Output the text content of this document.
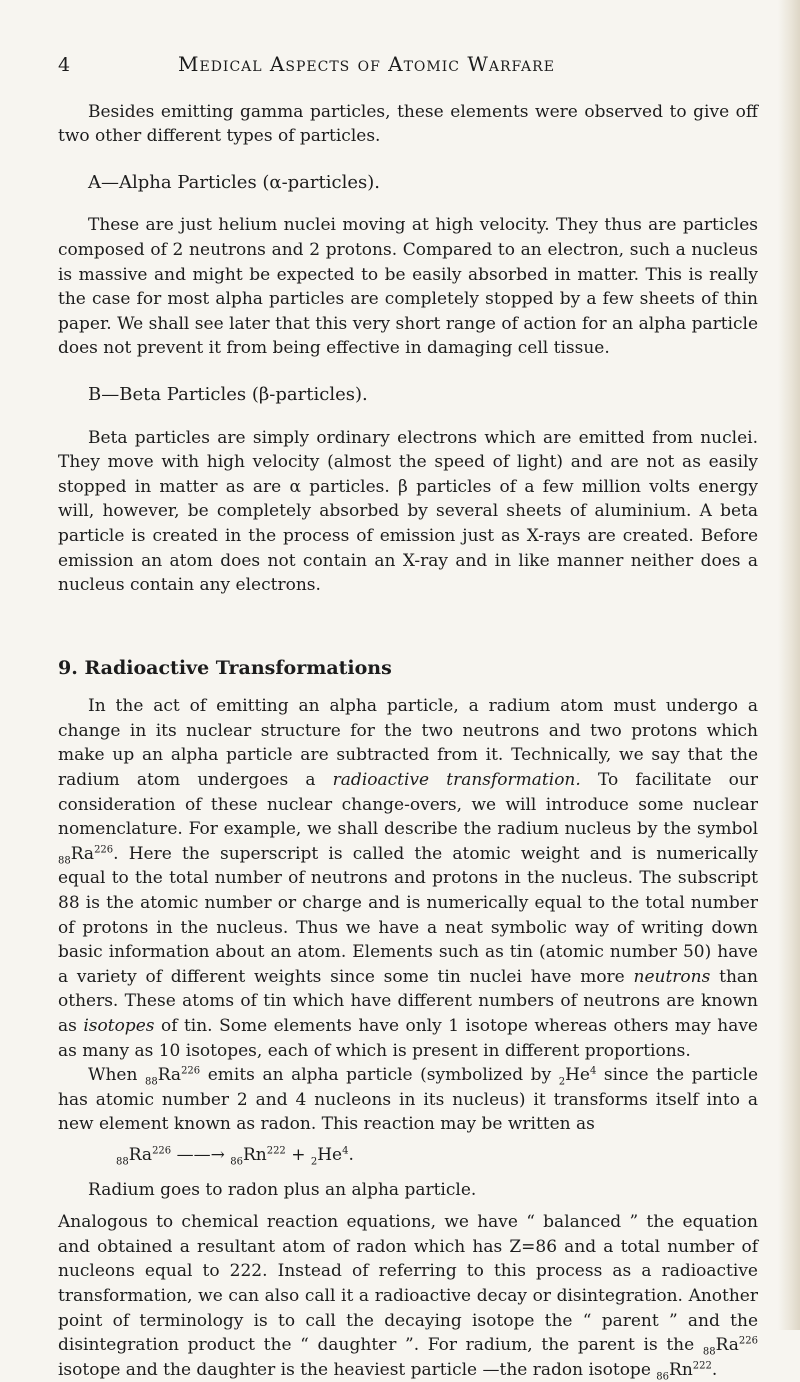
4	Medical Aspects of Atomic Warfare

Besides emitting gamma particles, these elements were observed to give off two other different types of particles.

A—Alpha Particles (α-particles).

These are just helium nuclei moving at high velocity. They thus are particles composed of 2 neutrons and 2 protons. Compared to an electron, such a nucleus is massive and might be expected to be easily absorbed in matter. This is really the case for most alpha particles are completely stopped by a few sheets of thin paper. We shall see later that this very short range of action for an alpha particle does not prevent it from being effective in damaging cell tissue.

B—Beta Particles (β-particles).

Beta particles are simply ordinary electrons which are emitted from nuclei. They move with high velocity (almost the speed of light) and are not as easily stopped in matter as are α particles. β particles of a few million volts energy will, however, be completely absorbed by several sheets of aluminium. A beta particle is created in the process of emission just as X-rays are created. Before emission an atom does not contain an X-ray and in like manner neither does a nucleus contain any electrons.

9. Radioactive Transformations

In the act of emitting an alpha particle, a radium atom must undergo a change in its nuclear structure for the two neutrons and two protons which make up an alpha particle are subtracted from it. Technically, we say that the radium atom undergoes a radioactive transformation. To facilitate our consideration of these nuclear change-overs, we will introduce some nuclear nomenclature. For example, we shall describe the radium nucleus by the symbol $_{88}Ra^{226}$. Here the superscript is called the atomic weight and is numerically equal to the total number of neutrons and protons in the nucleus. The subscript 88 is the atomic number or charge and is numerically equal to the total number of protons in the nucleus. Thus we have a neat symbolic way of writing down basic information about an atom. Elements such as tin (atomic number 50) have a variety of different weights since some tin nuclei have more neutrons than others. These atoms of tin which have different numbers of neutrons are known as isotopes of tin. Some elements have only 1 isotope whereas others may have as many as 10 isotopes, each of which is present in different proportions.

When $_{88}Ra^{226}$ emits an alpha particle (symbolized by $_2He^4$ since the particle has atomic number 2 and 4 nucleons in its nucleus) it transforms itself into a new element known as radon. This reaction may be written as

$_{88}Ra^{226}$ ——→ $_{86}Rn^{222} + _2He^4$.

Radium goes to radon plus an alpha particle.

Analogous to chemical reaction equations, we have “ balanced ” the equation and obtained a resultant atom of radon which has Z=86 and a total number of nucleons equal to 222. Instead of referring to this process as a radioactive transformation, we can also call it a radioactive decay or disintegration. Another point of terminology is to call the decaying isotope the “ parent ” and the disintegration product the “ daughter ”. For radium, the parent is the $_{88}Ra^{226}$ isotope and the daughter is the heaviest particle —the radon isotope $_{86}Rn^{222}$.
